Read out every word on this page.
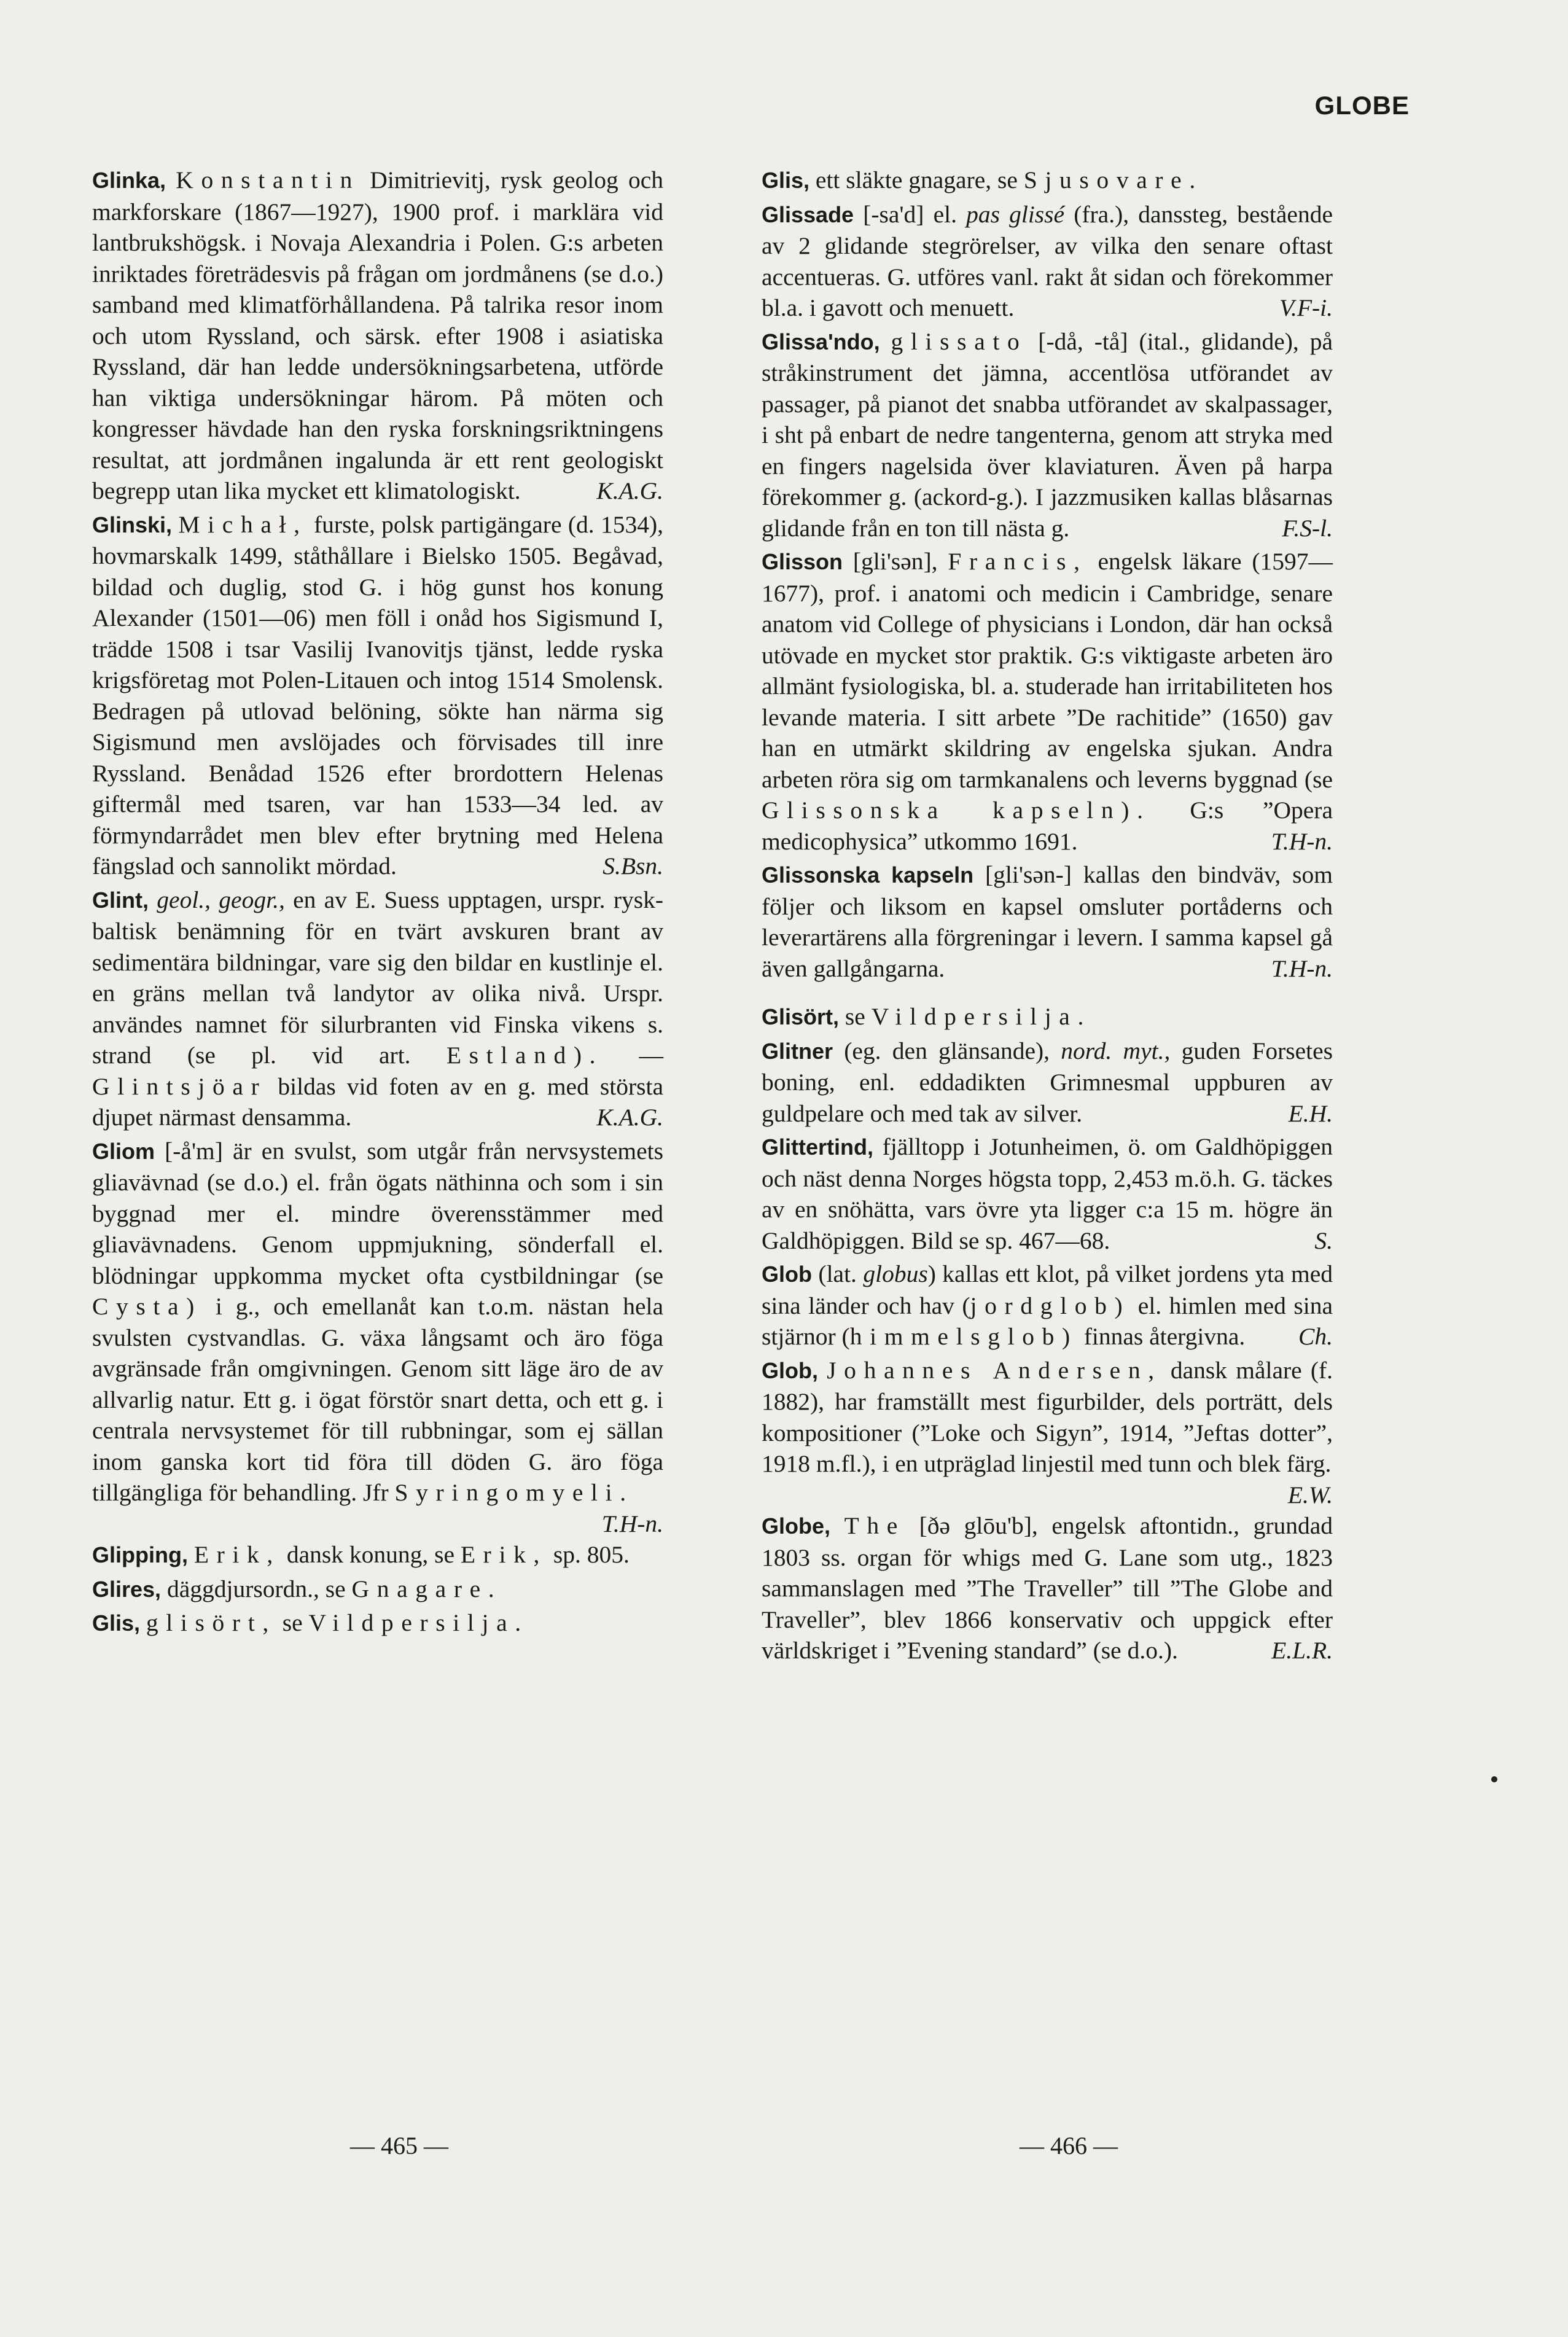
GLOBE

Glinka, Konstantin Dimitrievitj, rysk geolog och markforskare (1867—1927), 1900 prof. i marklära vid lantbrukshögsk. i Novaja Alexandria i Polen. G:s arbeten inriktades företrädesvis på frågan om jordmånens (se d.o.) samband med klimatförhållandena. På talrika resor inom och utom Ryssland, och särsk. efter 1908 i asiatiska Ryssland, där han ledde undersökningsarbetena, utförde han viktiga undersökningar härom. På möten och kongresser hävdade han den ryska forskningsriktningens resultat, att jordmånen ingalunda är ett rent geologiskt begrepp utan lika mycket ett klimatologiskt.	K.A.G.

Glinski, Michał, furste, polsk partigängare (d. 1534), hovmarskalk 1499, ståthållare i Bielsko 1505. Begåvad, bildad och duglig, stod G. i hög gunst hos konung Alexander (1501—06) men föll i onåd hos Sigismund I, trädde 1508 i tsar Vasilij Ivanovitjs tjänst, ledde ryska krigsföretag mot Polen-Litauen och intog 1514 Smolensk. Bedragen på utlovad belöning, sökte han närma sig Sigismund men avslöjades och förvisades till inre Ryssland. Benådad 1526 efter brordottern Helenas giftermål med tsaren, var han 1533—34 led. av förmyndarrådet men blev efter brytning med Helena fängslad och sannolikt mördad.	S.Bsn.

Glint, geol., geogr., en av E. Suess upptagen, urspr. rysk-baltisk benämning för en tvärt avskuren brant av sedimentära bildningar, vare sig den bildar en kustlinje el. en gräns mellan två landytor av olika nivå. Urspr. användes namnet för silurbranten vid Finska vikens s. strand (se pl. vid art. Estland). — Glintsjöar bildas vid foten av en g. med största djupet närmast densamma.	K.A.G.

Gliom [-å'm] är en svulst, som utgår från nervsystemets gliavävnad (se d.o.) el. från ögats näthinna och som i sin byggnad mer el. mindre överensstämmer med gliavävnadens. Genom uppmjukning, sönderfall el. blödningar uppkomma mycket ofta cystbildningar (se Cysta) i g., och emellanåt kan t.o.m. nästan hela svulsten cystvandlas. G. växa långsamt och äro föga avgränsade från omgivningen. Genom sitt läge äro de av allvarlig natur. Ett g. i ögat förstör snart detta, och ett g. i centrala nervsystemet för till rubbningar, som ej sällan inom ganska kort tid föra till döden G. äro föga tillgängliga för behandling. Jfr Syringomyeli.
T.H-n.

Glipping, Erik, dansk konung, se Erik, sp. 805.

Glires, däggdjursordn., se Gnagare.

Glis, glisört, se Vildpersilja.

Glis, ett släkte gnagare, se Sjusovare.

Glissade [-sa'd] el. pas glissé (fra.), danssteg, bestående av 2 glidande stegrörelser, av vilka den senare oftast accentueras. G. utföres vanl. rakt åt sidan och förekommer bl.a. i gavott och menuett.	V.F-i.

Glissa'ndo, glissato [-då, -tå] (ital., glidande), på stråkinstrument det jämna, accentlösa utförandet av passager, på pianot det snabba utförandet av skalpassager, i sht på enbart de nedre tangenterna, genom att stryka med en fingers nagelsida över klaviaturen. Även på harpa förekommer g. (ackord-g.). I jazzmusiken kallas blåsarnas glidande från en ton till nästa g.	F.S-l.

Glisson [gli'sən], Francis, engelsk läkare (1597—1677), prof. i anatomi och medicin i Cambridge, senare anatom vid College of physicians i London, där han också utövade en mycket stor praktik. G:s viktigaste arbeten äro allmänt fysiologiska, bl. a. studerade han irritabiliteten hos levande materia. I sitt arbete ”De rachitide” (1650) gav han en utmärkt skildring av engelska sjukan. Andra arbeten röra sig om tarmkanalens och leverns byggnad (se Glissonska kapseln). G:s ”Opera medicophysica” utkommo 1691.	T.H-n.

Glissonska kapseln [gli'sən-] kallas den bindväv, som följer och liksom en kapsel omsluter portåderns och leverartärens alla förgreningar i levern. I samma kapsel gå även gallgångarna.	T.H-n.

Glisört, se Vildpersilja.

Glitner (eg. den glänsande), nord. myt., guden Forsetes boning, enl. eddadikten Grimnesmal uppburen av guldpelare och med tak av silver.	E.H.

Glittertind, fjälltopp i Jotunheimen, ö. om Galdhöpiggen och näst denna Norges högsta topp, 2,453 m.ö.h. G. täckes av en snöhätta, vars övre yta ligger c:a 15 m. högre än Galdhöpiggen. Bild se sp. 467—68.	S.

Glob (lat. globus) kallas ett klot, på vilket jordens yta med sina länder och hav (jordglob) el. himlen med sina stjärnor (himmelsglob) finnas återgivna.	Ch.

Glob, Johannes Andersen, dansk målare (f. 1882), har framställt mest figurbilder, dels porträtt, dels kompositioner (”Loke och Sigyn”, 1914, ”Jeftas dotter”, 1918 m.fl.), i en utpräglad linjestil med tunn och blek färg.
E.W.

Globe, The [ðə glōu'b], engelsk aftontidn., grundad 1803 ss. organ för whigs med G. Lane som utg., 1823 sammanslagen med ”The Traveller” till ”The Globe and Traveller”, blev 1866 konservativ och uppgick efter världskriget i ”Evening standard” (se d.o.).	E.L.R.

— 465 —	— 466 —
